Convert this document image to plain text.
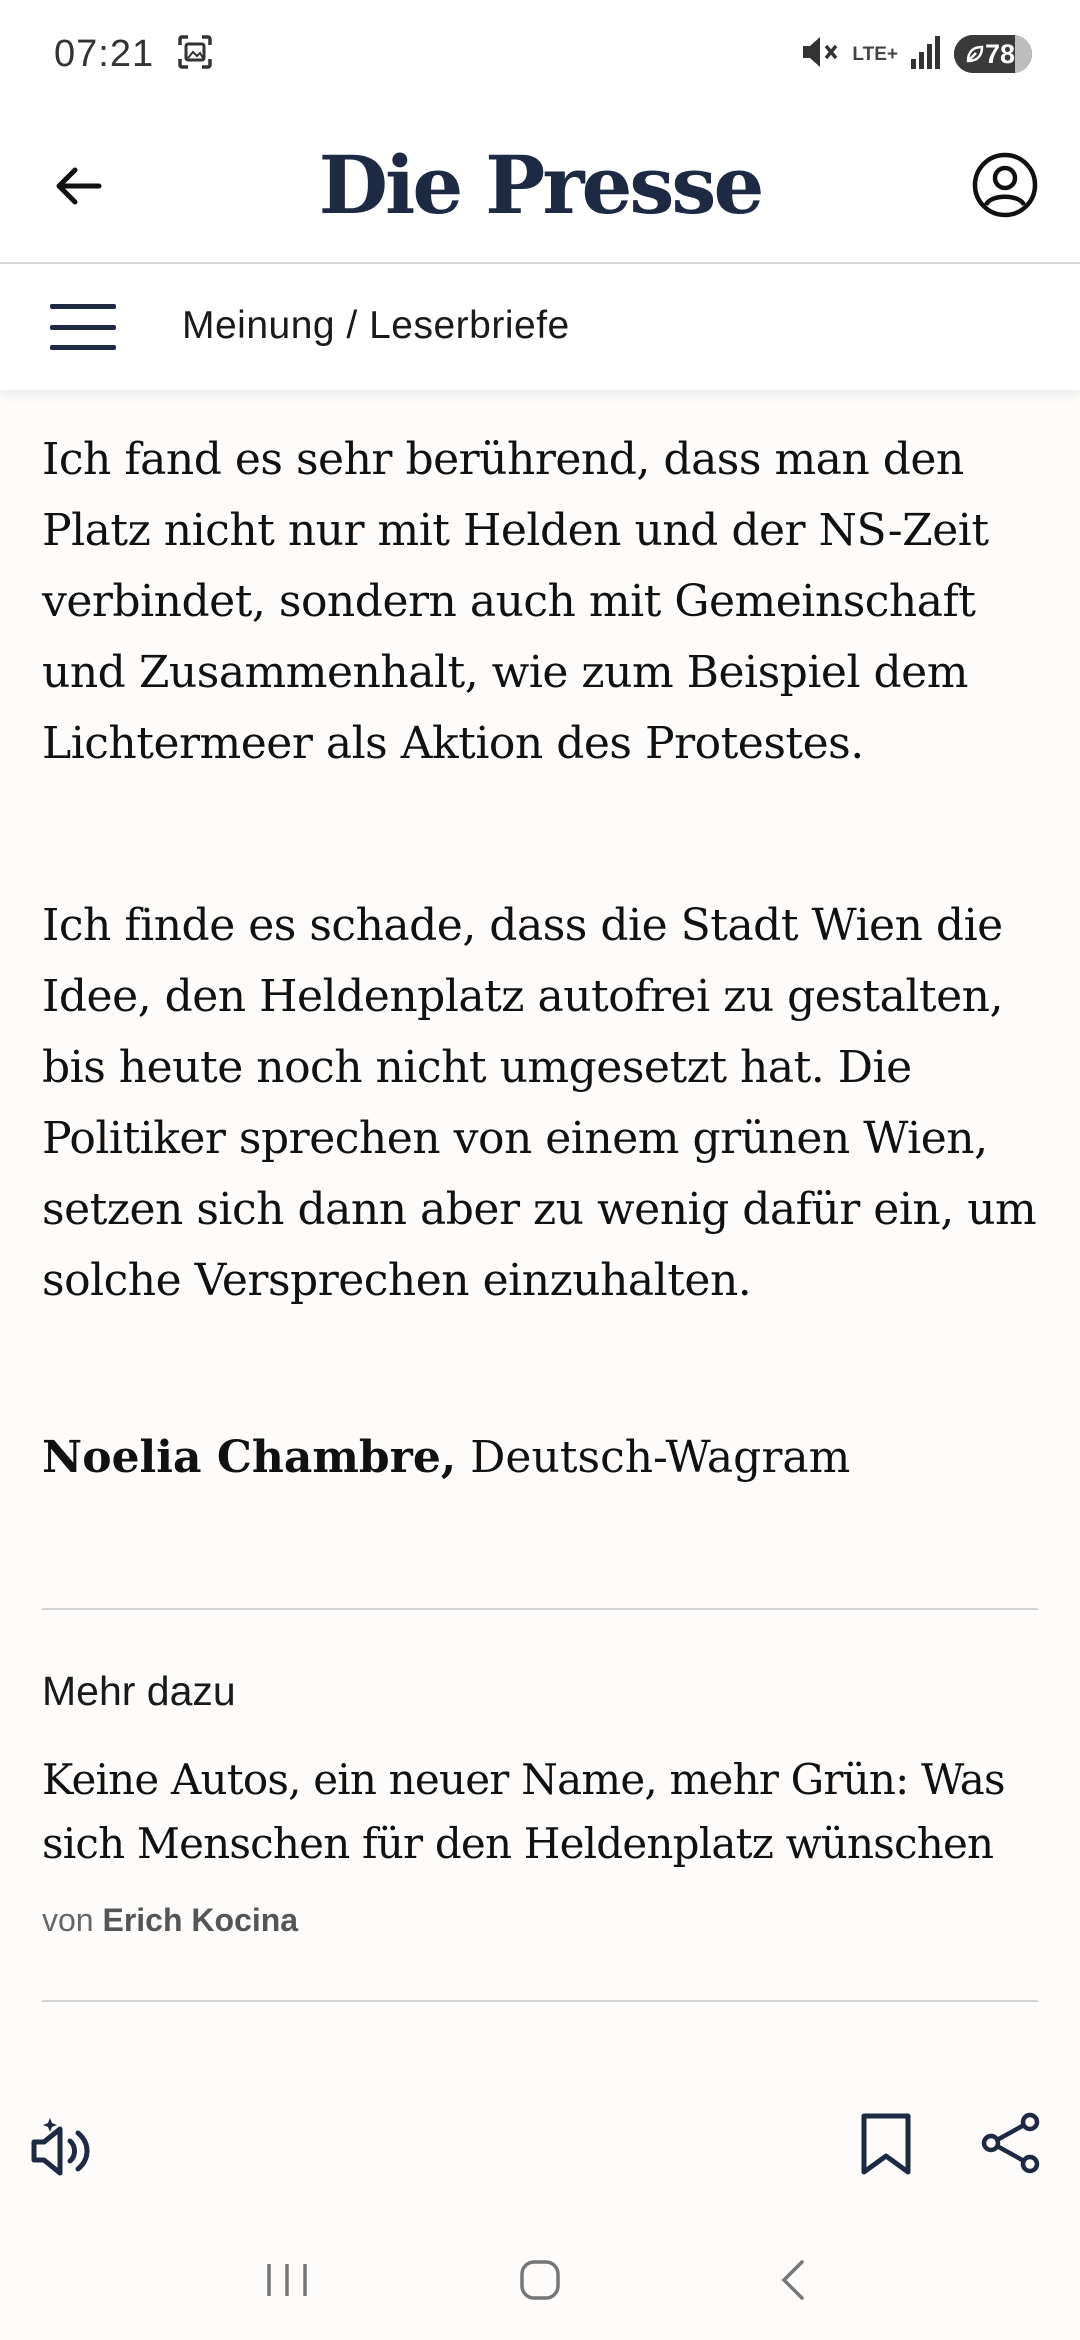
07:21	LTE+	78
Die Presse
Meinung / Leserbriefe

Ich fand es sehr berührend, dass man den Platz nicht nur mit Helden und der NS-Zeit verbindet, sondern auch mit Gemeinschaft und Zusammenhalt, wie zum Beispiel dem Lichtermeer als Aktion des Protestes.

Ich finde es schade, dass die Stadt Wien die Idee, den Heldenplatz autofrei zu gestalten, bis heute noch nicht umgesetzt hat. Die Politiker sprechen von einem grünen Wien, setzen sich dann aber zu wenig dafür ein, um solche Versprechen einzuhalten.

Noelia Chambre, Deutsch-Wagram

Mehr dazu
Keine Autos, ein neuer Name, mehr Grün: Was sich Menschen für den Heldenplatz wünschen
von Erich Kocina
